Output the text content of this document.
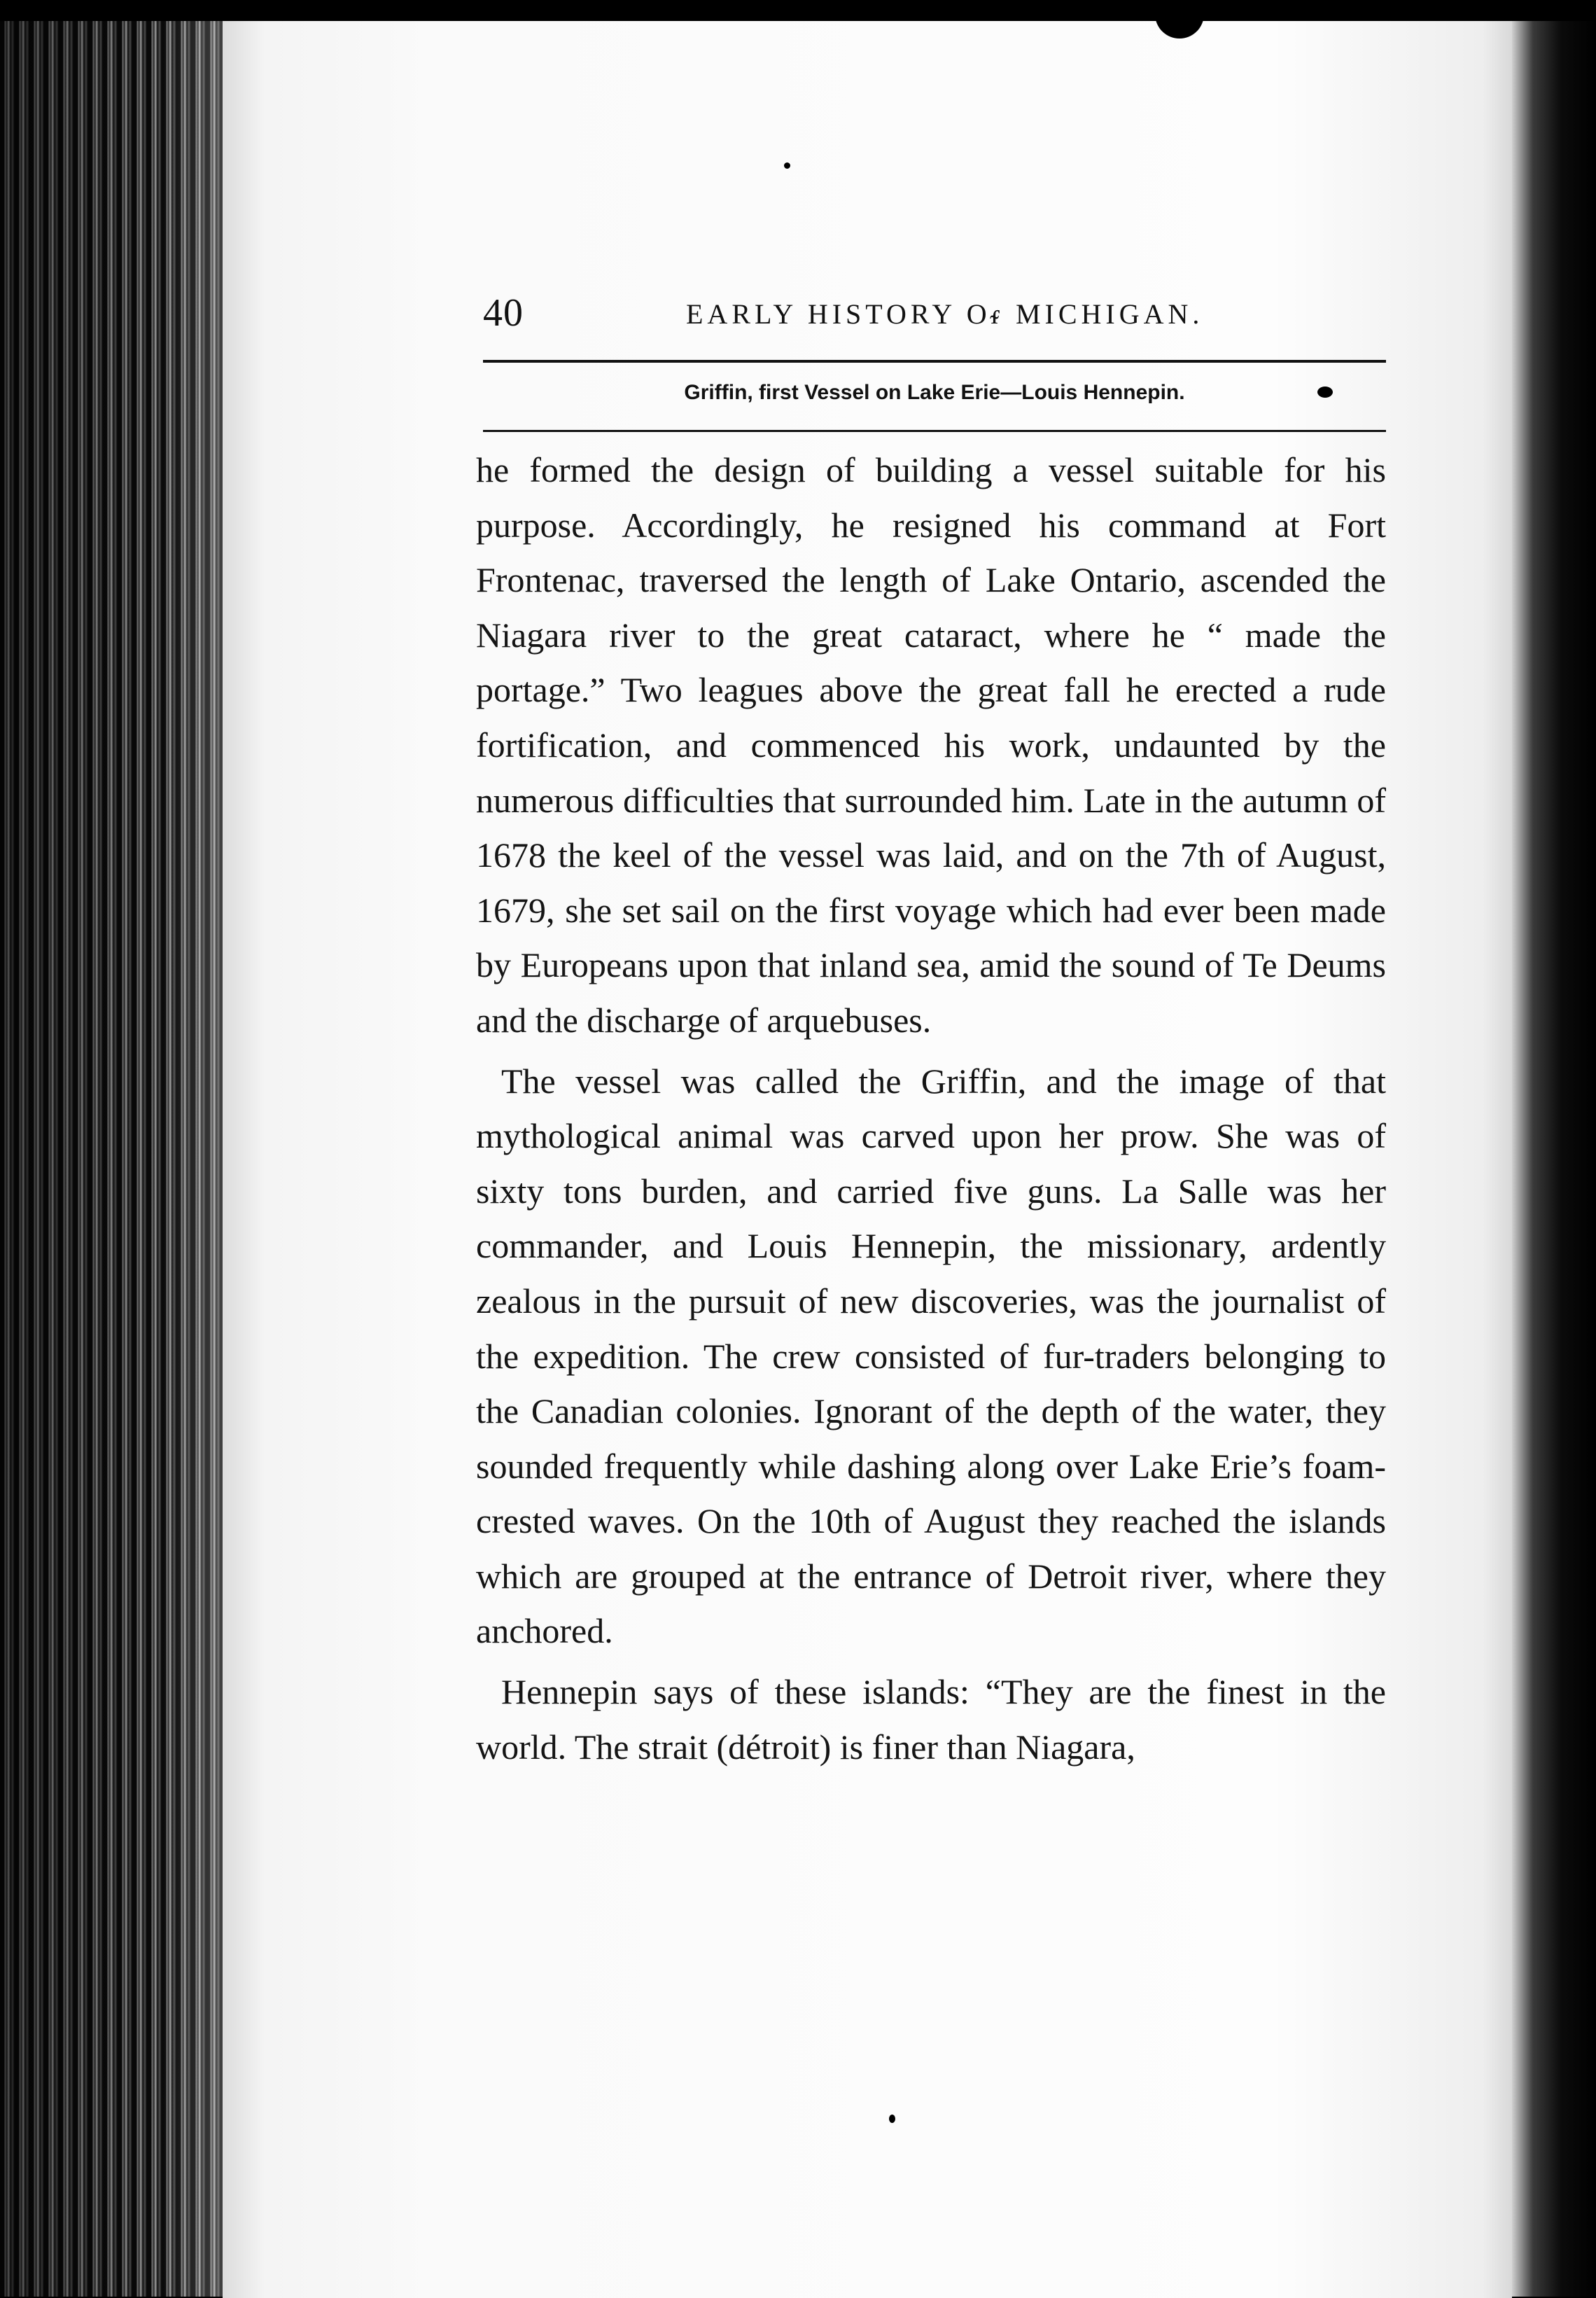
40	EARLY HISTORY Oᵳ MICHIGAN.
Griffin, first Vessel on Lake Erie—Louis Hennepin.

he formed the design of building a vessel suitable for his purpose. Accordingly, he resigned his command at Fort Frontenac, traversed the length of Lake Ontario, ascended the Niagara river to the great cataract, where he “ made the portage.” Two leagues above the great fall he erected a rude fortification, and commenced his work, undaunted by the numerous difficulties that surrounded him. Late in the autumn of 1678 the keel of the vessel was laid, and on the 7th of August, 1679, she set sail on the first voyage which had ever been made by Europeans upon that inland sea, amid the sound of Te Deums and the discharge of arquebuses.

The vessel was called the Griffin, and the image of that mythological animal was carved upon her prow. She was of sixty tons burden, and carried five guns. La Salle was her commander, and Louis Hennepin, the missionary, ardently zealous in the pursuit of new discoveries, was the journalist of the expedition. The crew consisted of fur-traders belonging to the Canadian colonies. Ignorant of the depth of the water, they sounded frequently while dashing along over Lake Erie’s foam-crested waves. On the 10th of August they reached the islands which are grouped at the entrance of Detroit river, where they anchored.

Hennepin says of these islands: “They are the finest in the world. The strait (détroit) is finer than Niagara,
